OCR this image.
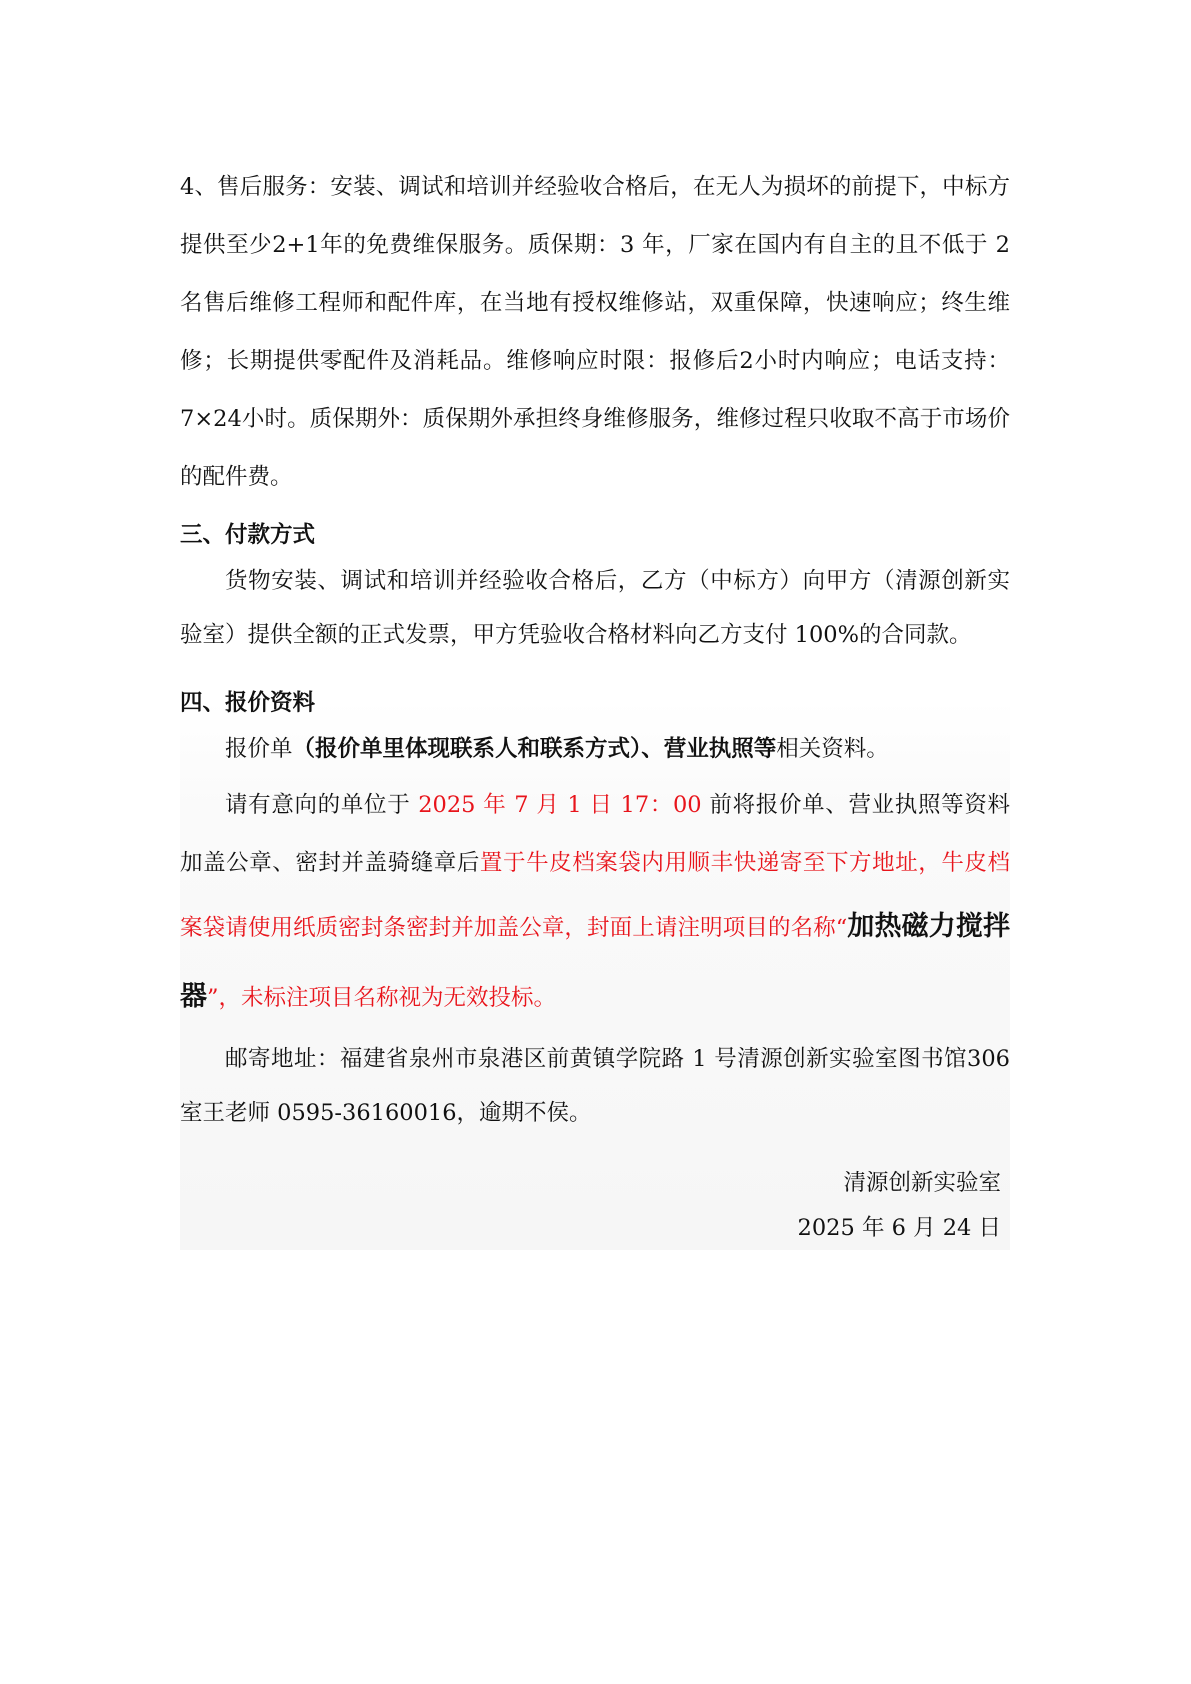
4、售后服务：安装、调试和培训并经验收合格后，在无人为损坏的前提下，中标方提供至少2+1年的免费维保服务。质保期：3 年，厂家在国内有自主的且不低于 2 名售后维修工程师和配件库，在当地有授权维修站，双重保障，快速响应；终生维修；长期提供零配件及消耗品。维修响应时限：报修后2小时内响应；电话支持：7×24小时。质保期外：质保期外承担终身维修服务，维修过程只收取不高于市场价的配件费。

三、付款方式

货物安装、调试和培训并经验收合格后，乙方（中标方）向甲方（清源创新实验室）提供全额的正式发票，甲方凭验收合格材料向乙方支付 100%的合同款。

四、报价资料

报价单（报价单里体现联系人和联系方式）、营业执照等相关资料。

请有意向的单位于 2025 年 7 月 1 日 17：00 前将报价单、营业执照等资料加盖公章、密封并盖骑缝章后置于牛皮档案袋内用顺丰快递寄至下方地址，牛皮档案袋请使用纸质密封条密封并加盖公章，封面上请注明项目的名称“加热磁力搅拌器”，未标注项目名称视为无效投标。

邮寄地址：福建省泉州市泉港区前黄镇学院路 1 号清源创新实验室图书馆306 室王老师 0595-36160016，逾期不侯。

清源创新实验室
2025 年 6 月 24 日
